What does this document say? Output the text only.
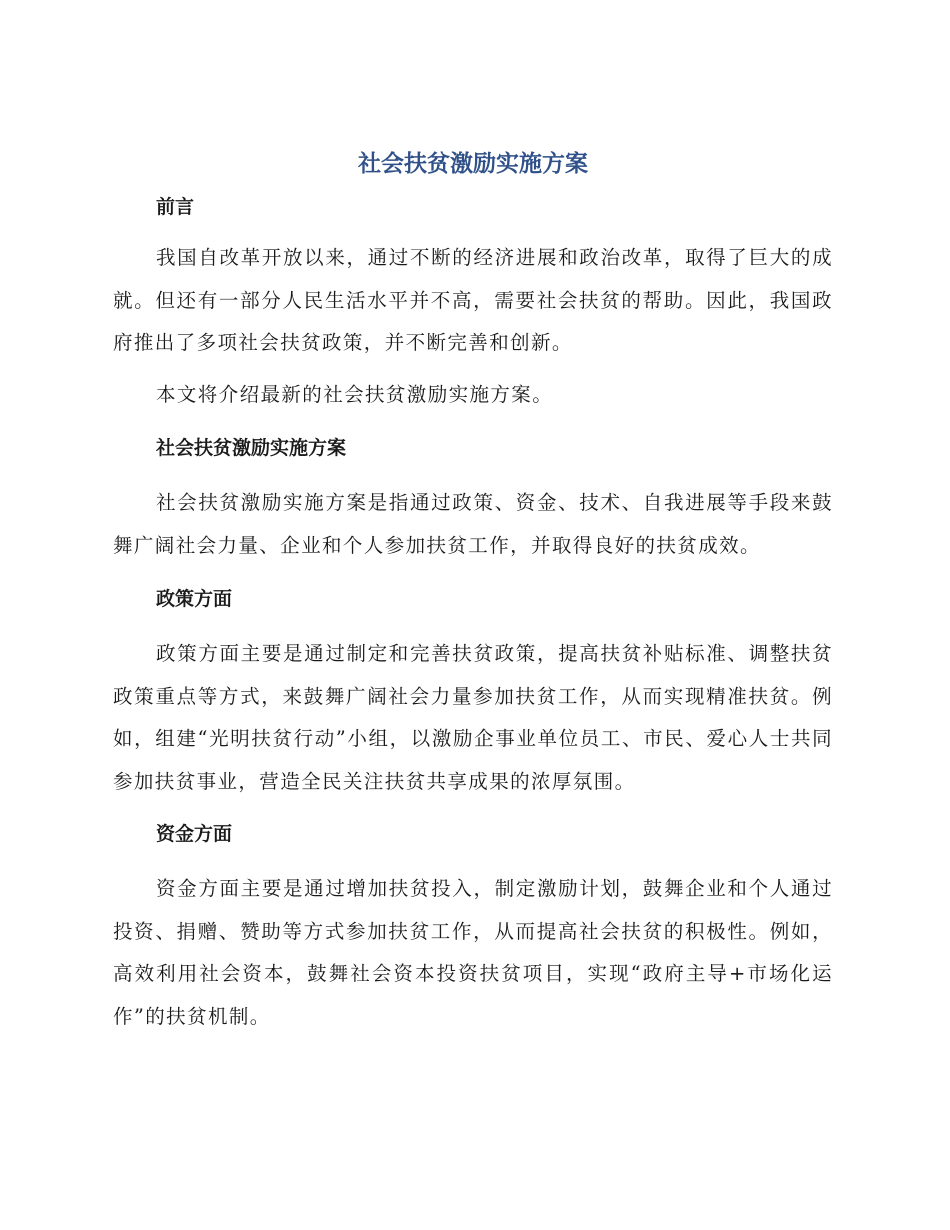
社会扶贫激励实施方案
前言

我国自改革开放以来，通过不断的经济进展和政治改革，取得了巨大的成就。但还有一部分人民生活水平并不高，需要社会扶贫的帮助。因此，我国政府推出了多项社会扶贫政策，并不断完善和创新。

本文将介绍最新的社会扶贫激励实施方案。

社会扶贫激励实施方案

社会扶贫激励实施方案是指通过政策、资金、技术、自我进展等手段来鼓舞广阔社会力量、企业和个人参加扶贫工作，并取得良好的扶贫成效。

政策方面

政策方面主要是通过制定和完善扶贫政策，提高扶贫补贴标准、调整扶贫政策重点等方式，来鼓舞广阔社会力量参加扶贫工作，从而实现精准扶贫。例如，组建“光明扶贫行动”小组，以激励企事业单位员工、市民、爱心人士共同参加扶贫事业，营造全民关注扶贫共享成果的浓厚氛围。

资金方面

资金方面主要是通过增加扶贫投入，制定激励计划，鼓舞企业和个人通过投资、捐赠、赞助等方式参加扶贫工作，从而提高社会扶贫的积极性。例如，高效利用社会资本，鼓舞社会资本投资扶贫项目，实现“政府主导+市场化运作”的扶贫机制。
